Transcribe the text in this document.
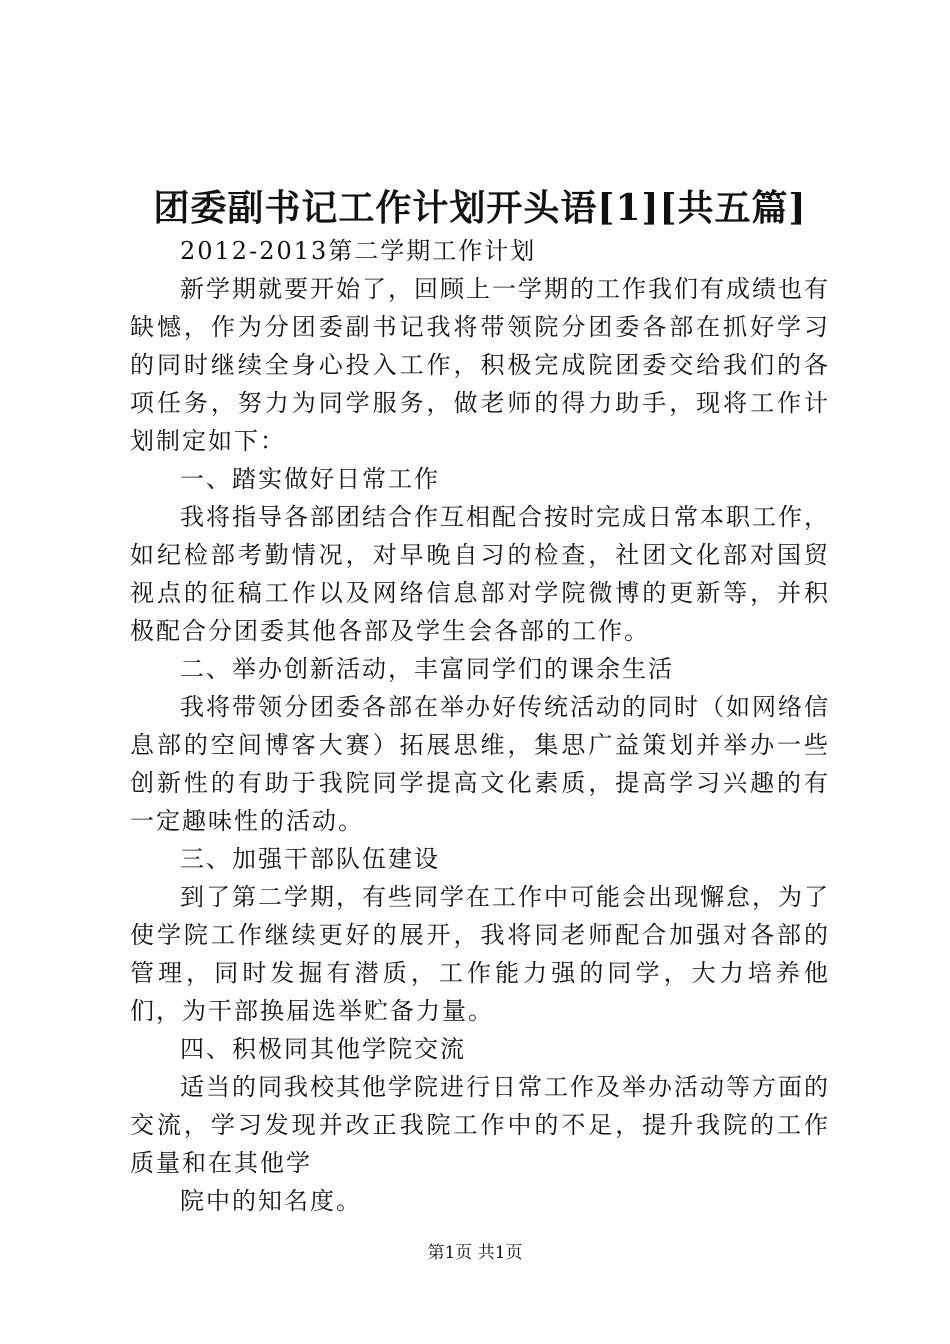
团委副书记工作计划开头语[1][共五篇]

2012-2013第二学期工作计划

新学期就要开始了，回顾上一学期的工作我们有成绩也有缺憾，作为分团委副书记我将带领院分团委各部在抓好学习的同时继续全身心投入工作，积极完成院团委交给我们的各项任务，努力为同学服务，做老师的得力助手，现将工作计划制定如下：

一、踏实做好日常工作

我将指导各部团结合作互相配合按时完成日常本职工作，如纪检部考勤情况，对早晚自习的检查，社团文化部对国贸视点的征稿工作以及网络信息部对学院微博的更新等，并积极配合分团委其他各部及学生会各部的工作。

二、举办创新活动，丰富同学们的课余生活

我将带领分团委各部在举办好传统活动的同时（如网络信息部的空间博客大赛）拓展思维，集思广益策划并举办一些创新性的有助于我院同学提高文化素质，提高学习兴趣的有一定趣味性的活动。

三、加强干部队伍建设

到了第二学期，有些同学在工作中可能会出现懈怠，为了使学院工作继续更好的展开，我将同老师配合加强对各部的管理，同时发掘有潜质，工作能力强的同学，大力培养他们，为干部换届选举贮备力量。

四、积极同其他学院交流

适当的同我校其他学院进行日常工作及举办活动等方面的交流，学习发现并改正我院工作中的不足，提升我院的工作质量和在其他学

院中的知名度。

第1页 共1页
